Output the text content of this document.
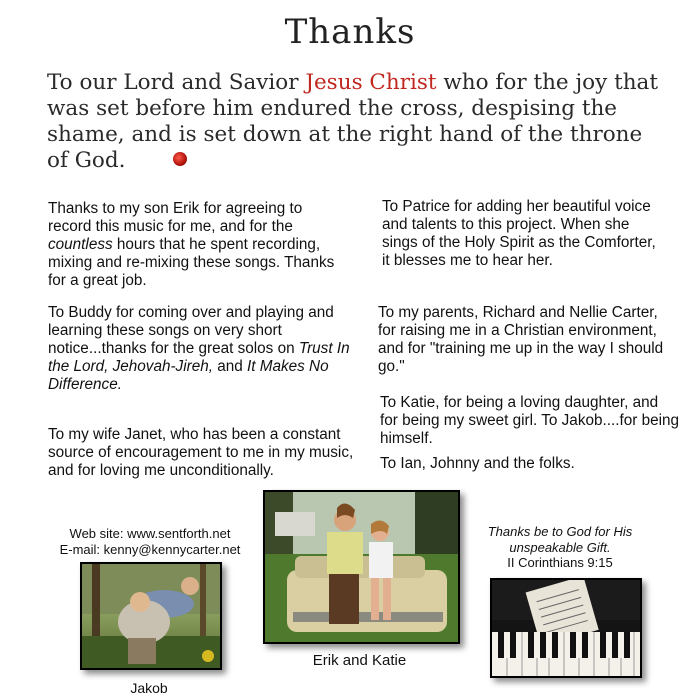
Thanks
To our Lord and Savior Jesus Christ who for the joy that was set before him endured the cross, despising the shame, and is set down at the right hand of the throne of God.
Thanks to my son Erik for agreeing to record this music for me, and for the countless hours that he spent recording, mixing and re-mixing these songs. Thanks for a great job.
To Buddy for coming over and playing and learning these songs on very short notice...thanks for the great solos on Trust In the Lord, Jehovah-Jireh, and It Makes No Difference.
To my wife Janet, who has been a constant source of encouragement to me in my music, and for loving me unconditionally.
To Patrice for adding her beautiful voice and talents to this project. When she sings of the Holy Spirit as the Comforter, it blesses me to hear her.
To my parents, Richard and Nellie Carter, for raising me in a Christian environment, and for "training me up in the way I should go."
To Katie, for being a loving daughter, and for being my sweet girl. To Jakob....for being himself.
To Ian, Johnny and the folks.
Web site: www.sentforth.net
E-mail: kenny@kennycarter.net
Thanks be to God for His unspeakable Gift.
II Corinthians 9:15
Jakob
Erik and Katie
